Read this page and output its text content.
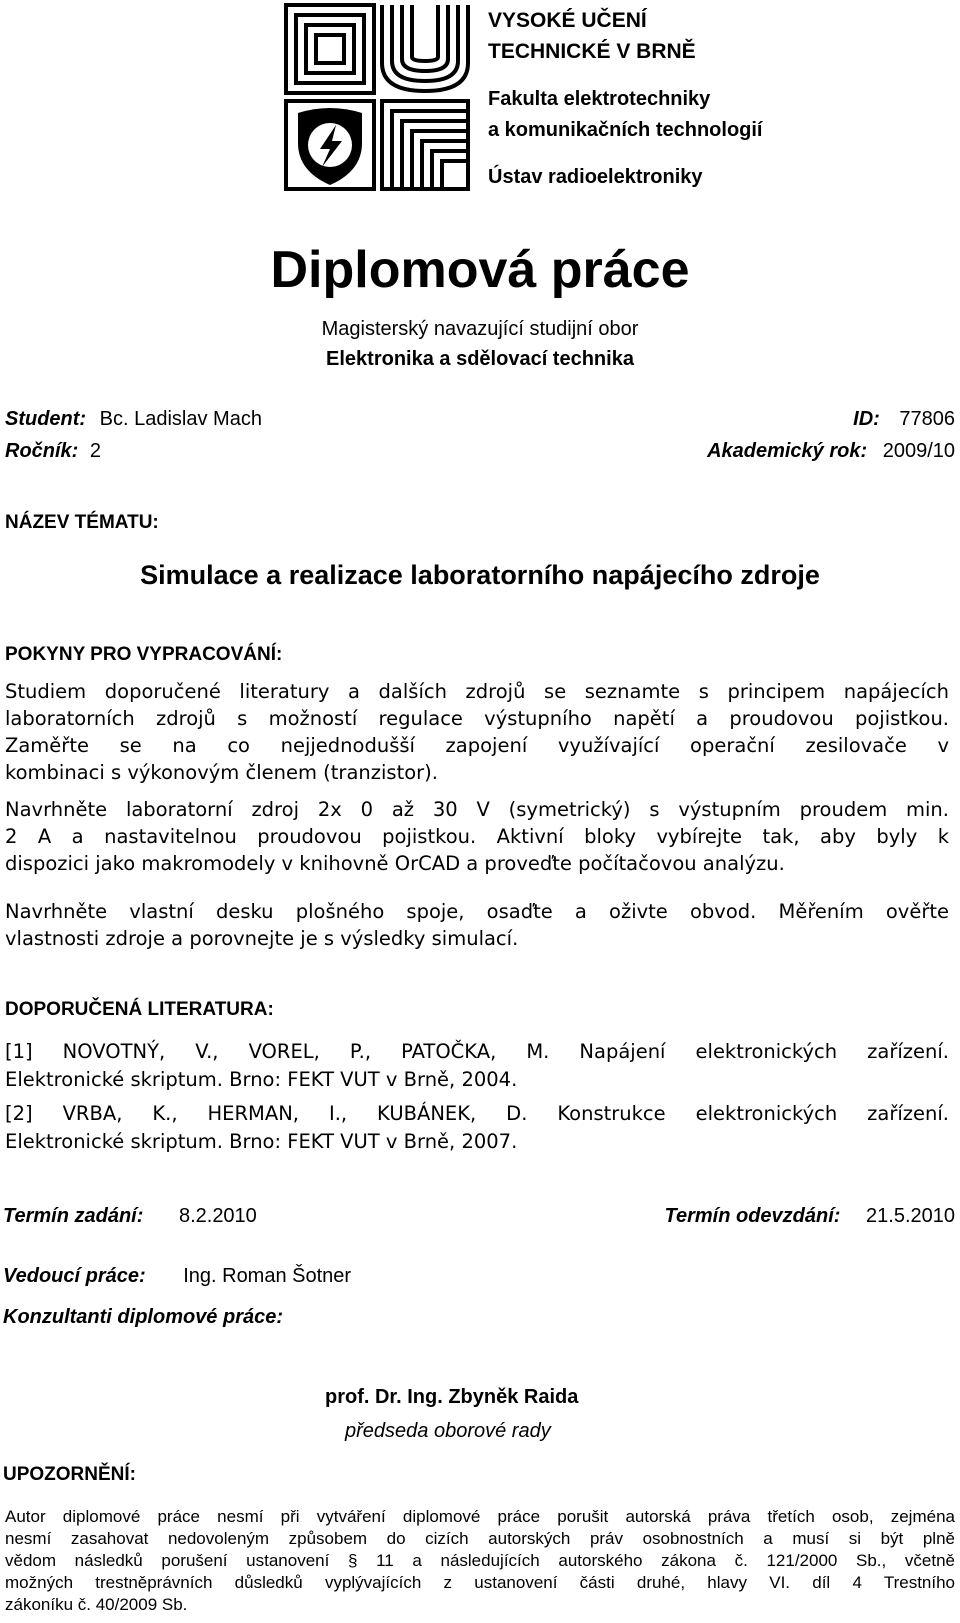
VYSOKÉ UČENÍ
TECHNICKÉ V BRNĚ
Fakulta elektrotechniky
a komunikačních technologií
Ústav radioelektroniky
Diplomová práce
Magisterský navazující studijní obor
Elektronika a sdělovací technika
Student: Bc. Ladislav Mach	ID: 77806
Ročník: 2	Akademický rok: 2009/10
NÁZEV TÉMATU:
Simulace a realizace laboratorního napájecího zdroje
POKYNY PRO VYPRACOVÁNÍ:
Studiem doporučené literatury a dalších zdrojů se seznamte s principem napájecích
laboratorních zdrojů s možností regulace výstupního napětí a proudovou pojistkou.
Zaměřte se na co nejjednodušší zapojení využívající operační zesilovače v
kombinaci s výkonovým členem (tranzistor).
Navrhněte laboratorní zdroj 2x 0 až 30 V (symetrický) s výstupním proudem min.
2 A a nastavitelnou proudovou pojistkou. Aktivní bloky vybírejte tak, aby byly k
dispozici jako makromodely v knihovně OrCAD a proveďte počítačovou analýzu.
Navrhněte vlastní desku plošného spoje, osaďte a oživte obvod. Měřením ověřte
vlastnosti zdroje a porovnejte je s výsledky simulací.
DOPORUČENÁ LITERATURA:
[1] NOVOTNÝ, V., VOREL, P., PATOČKA, M. Napájení elektronických zařízení.
Elektronické skriptum. Brno: FEKT VUT v Brně, 2004.
[2] VRBA, K., HERMAN, I., KUBÁNEK, D. Konstrukce elektronických zařízení.
Elektronické skriptum. Brno: FEKT VUT v Brně, 2007.
Termín zadání: 8.2.2010	Termín odevzdání: 21.5.2010
Vedoucí práce: Ing. Roman Šotner
Konzultanti diplomové práce:
prof. Dr. Ing. Zbyněk Raida
předseda oborové rady
UPOZORNĚNÍ:
Autor diplomové práce nesmí při vytváření diplomové práce porušit autorská práva třetích osob, zejména
nesmí zasahovat nedovoleným způsobem do cizích autorských práv osobnostních a musí si být plně
vědom následků porušení ustanovení § 11 a následujících autorského zákona č. 121/2000 Sb., včetně
možných trestněprávních důsledků vyplývajících z ustanovení části druhé, hlavy VI. díl 4 Trestního
zákoníku č. 40/2009 Sb.
